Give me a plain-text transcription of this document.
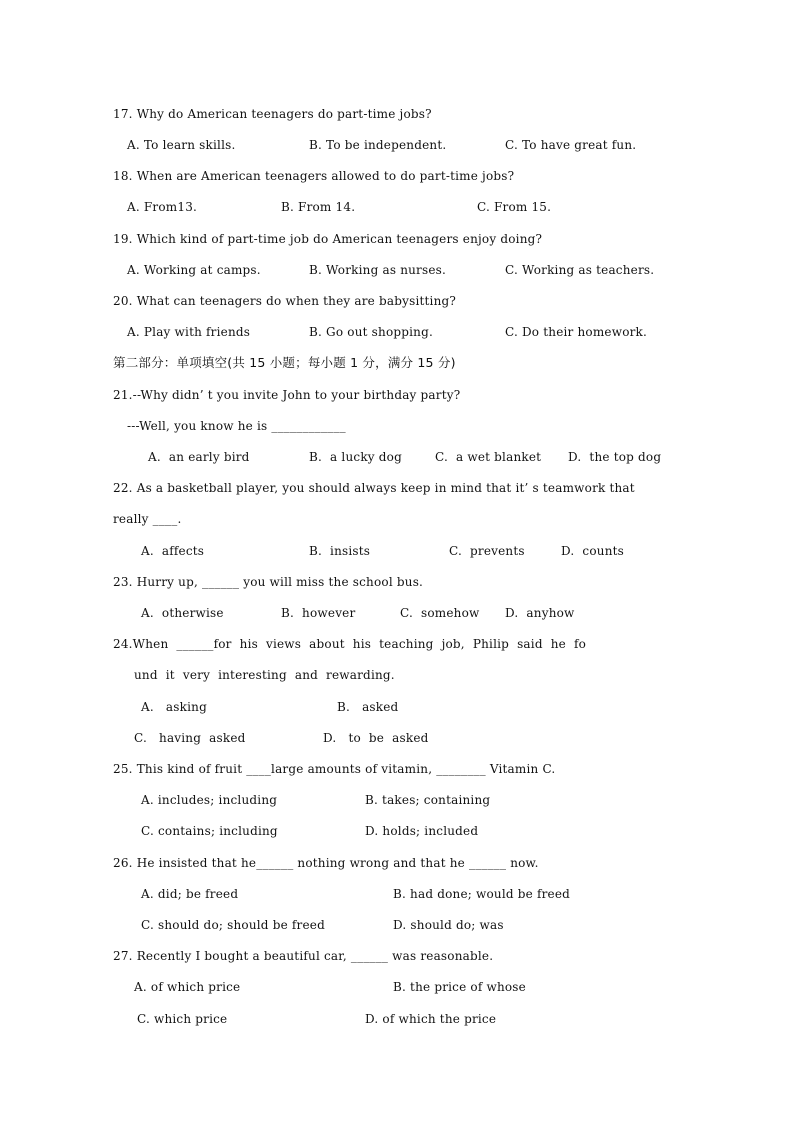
17. Why do American teenagers do part-time jobs?
A. To learn skills.	B. To be independent.	C. To have great fun.
18. When are American teenagers allowed to do part-time jobs?
A. From13.	B. From 14.	C. From 15.
19. Which kind of part-time job do American teenagers enjoy doing?
A. Working at camps.	B. Working as nurses.	C. Working as teachers.
20. What can teenagers do when they are babysitting?
A. Play with friends	B. Go out shopping.	C. Do their homework.
第二部分：单项填空(共 15 小题；每小题 1 分，满分 15 分)
21.--Why didn’ t you invite John to your birthday party?
---Well, you know he is ____________
A.  an early bird	B.  a lucky dog	C.  a wet blanket D.  the top dog
22. As a basketball player, you should always keep in mind that it’ s teamwork that
really ____.
A.  affects	B.  insists	C.  prevents	D.  counts
23. Hurry up, ______ you will miss the school bus.
A.  otherwise	B.  however	C.  somehow D.  anyhow
24.When  ______for  his  views  about  his  teaching  job,  Philip  said  he  fo
und  it  very  interesting  and  rewarding.
A.   asking	B.   asked
C.   having  asked	D.   to  be  asked
25. This kind of fruit ____large amounts of vitamin, ________ Vitamin C.
A. includes; including	B. takes; containing
C. contains; including	D. holds; included
26. He insisted that he______ nothing wrong and that he ______ now.
A. did; be freed	B. had done; would be freed
C. should do; should be freed	D. should do; was
27. Recently I bought a beautiful car, ______ was reasonable.
A. of which price	B. the price of whose
C. which price	D. of which the price
